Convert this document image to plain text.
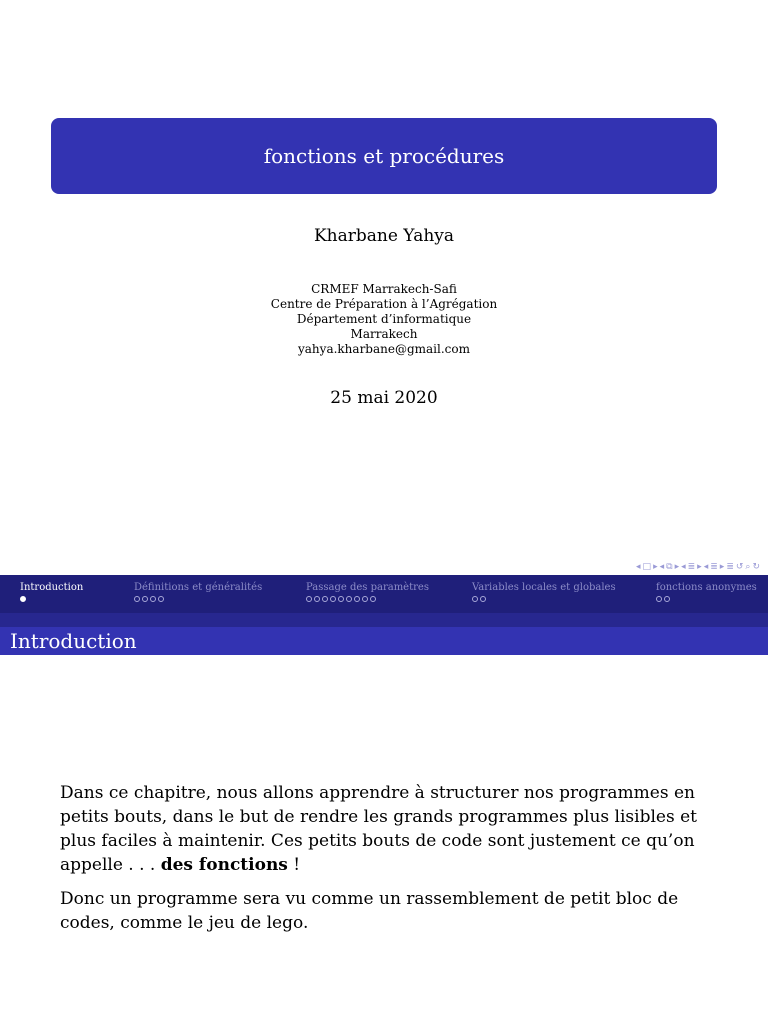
fonctions et procédures
Kharbane Yahya
CRMEF Marrakech-Safi
Centre de Préparation à l’Agrégation
Département d’informatique
Marrakech
yahya.kharbane@gmail.com
25 mai 2020
◂ □ ▸ ◂ ⧉ ▸ ◂ ≣ ▸ ◂ ≣ ▸ ≣ ↺ ⌕ ↻
Introduction	Définitions et généralités	Passage des paramètres	Variables locales et globales	fonctions anonymes
Introduction

Dans ce chapitre, nous allons apprendre à structurer nos programmes en petits bouts, dans le but de rendre les grands programmes plus lisibles et plus faciles à maintenir. Ces petits bouts de code sont justement ce qu’on appelle . . . des fonctions !

Donc un programme sera vu comme un rassemblement de petit bloc de codes, comme le jeu de lego.
